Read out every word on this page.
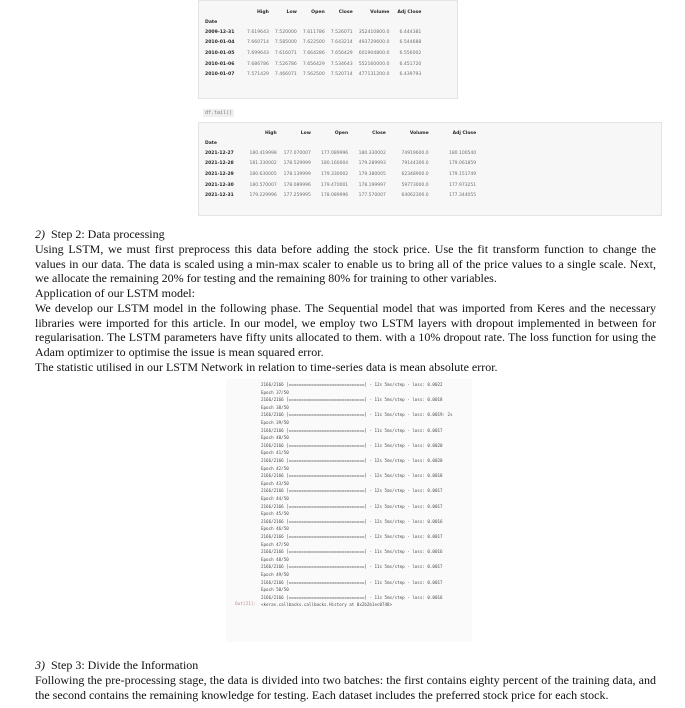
	High	Low	Open	Close	Volume	Adj Close
Date						
2009-12-31	7.619643	7.520000	7.611786	7.526071	352410800.0	6.444381
2010-01-04	7.660714	7.585000	7.622500	7.643214	493729600.0	6.544688
2010-01-05	7.699643	7.616071	7.664286	7.656429	601904800.0	6.556002
2010-01-06	7.686786	7.526786	7.656429	7.534643	552160000.0	6.451720
2010-01-07	7.571429	7.466071	7.562500	7.520714	477131200.0	6.439793
df.tail()
	High	Low	Open	Close	Volume	Adj Close
Date						
2021-12-27	180.419998	177.070007	177.089996	180.330002	74919600.0	180.100540
2021-12-28	181.330002	178.529999	180.160004	179.289993	79144300.0	179.061859
2021-12-29	180.630005	178.139999	179.330002	179.380005	62348900.0	179.151749
2021-12-30	180.570007	178.089996	179.470001	178.199997	59773000.0	177.973251
2021-12-31	179.229996	177.259995	178.089996	177.570007	64062300.0	177.344055
2) Step 2: Data processing

Using LSTM, we must first preprocess this data before adding the stock price. Use the fit transform function to change the values in our data. The data is scaled using a min-max scaler to enable us to bring all of the price values to a single scale. Next, we allocate the remaining 20% for testing and the remaining 80% for training to other variables.

Application of our LSTM model:

We develop our LSTM model in the following phase. The Sequential model that was imported from Keres and the necessary libraries were imported for this article. In our model, we employ two LSTM layers with dropout implemented in between for regularisation. The LSTM parameters have fifty units allocated to them. with a 10% dropout rate. The loss function for using the Adam optimizer to optimise the issue is mean squared error.

The statistic utilised in our LSTM Network in relation to time-series data is mean absolute error.

2166/2166 [==============================] - 12s 5ms/step - loss: 0.0022
Epoch 37/50
2166/2166 [==============================] - 11s 5ms/step - loss: 0.0018
Epoch 38/50
2166/2166 [==============================] - 11s 5ms/step - loss: 0.0019: 2s
Epoch 39/50
2166/2166 [==============================] - 11s 5ms/step - loss: 0.0017
Epoch 40/50
2166/2166 [==============================] - 11s 5ms/step - loss: 0.0020
Epoch 41/50
2166/2166 [==============================] - 12s 5ms/step - loss: 0.0020
Epoch 42/50
2166/2166 [==============================] - 12s 5ms/step - loss: 0.0018
Epoch 43/50
2166/2166 [==============================] - 12s 5ms/step - loss: 0.0017
Epoch 44/50
2166/2166 [==============================] - 12s 5ms/step - loss: 0.0017
Epoch 45/50
2166/2166 [==============================] - 12s 5ms/step - loss: 0.0016
Epoch 46/50
2166/2166 [==============================] - 12s 5ms/step - loss: 0.0017
Epoch 47/50
2166/2166 [==============================] - 11s 5ms/step - loss: 0.0016
Epoch 48/50
2166/2166 [==============================] - 11s 5ms/step - loss: 0.0017
Epoch 49/50
2166/2166 [==============================] - 11s 5ms/step - loss: 0.0017
Epoch 50/50
2166/2166 [==============================] - 11s 5ms/step - loss: 0.0016
<keras.callbacks.callbacks.History at 0x2b2b1ec0748>
Out[21]:
3) Step 3: Divide the Information

Following the pre-processing stage, the data is divided into two batches: the first contains eighty percent of the training data, and the second contains the remaining knowledge for testing. Each dataset includes the preferred stock price for each stock.
